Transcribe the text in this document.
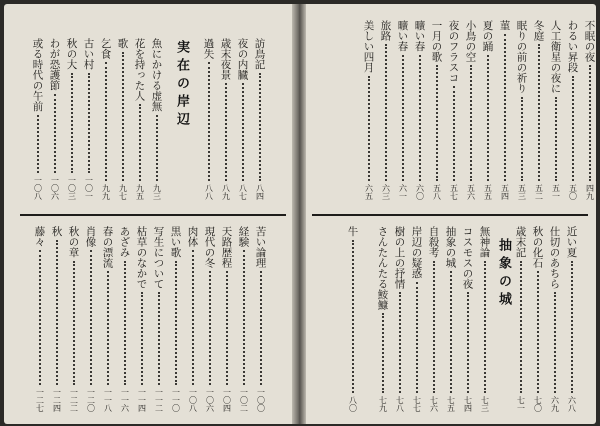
実在の岸辺
抽象の城
不眠の夜
四九
わるい昇段
五〇
人工衛星の夜に
五一
冬庭
五二
眠りの前の祈り
五三
菫
五四
夏の踊
五五
小鳥の空
五六
夜のフラスコ
五七
一月の歌
五八
曠い春
六〇
曠い春
六一
旅路
六三
美しい四月
六五
近い夏
六八
仕切のあちら
六九
秋の化石
七〇
歳末記
七一
無神論
七三
コスモスの夜
七四
抽象の城
七五
自殺考
七六
岸辺の疑惑
七七
樹の上の抒情
七八
さんたんたる鮟鱇
七九
牛
八〇
訪鳥記
八四
夜の内臓
八七
歳末夜景
八九
過失
八八
魚にかける虚無
九三
花を持った人
九五
歌
九七
乞食
九九
古い村
一〇一
秋の大
一〇三
わが恐護節
一〇六
或る時代の午前
一〇八
苦い論理
一〇〇
経験
一〇二
天路歴程
一〇四
現代の冬
一〇六
肉体
一〇八
黒い歌
一一〇
写生について
一一二
枯草のなかで
一一四
あざみ
一一六
春の漂流
一一八
肖像
一二〇
秋の章
一二二
秋
一二四
藤々
一二七
